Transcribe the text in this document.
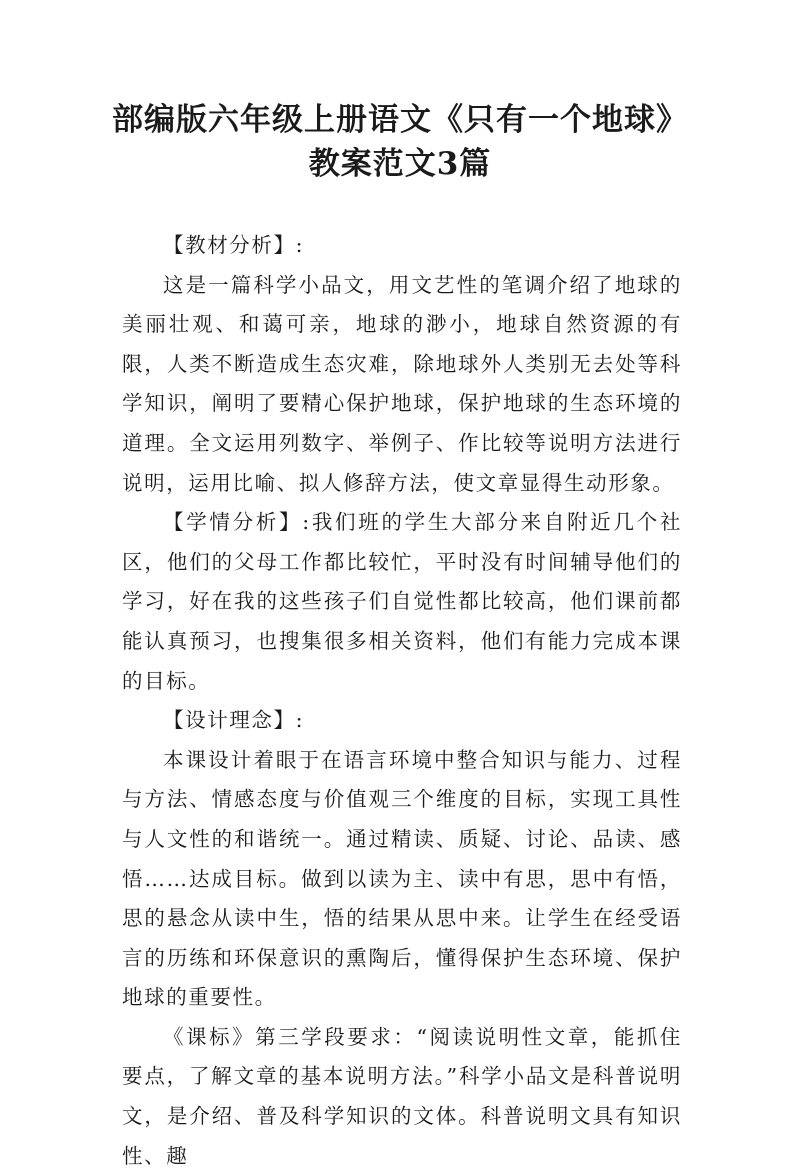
部编版六年级上册语文《只有一个地球》教案范文3篇

【教材分析】:

这是一篇科学小品文，用文艺性的笔调介绍了地球的美丽壮观、和蔼可亲，地球的渺小，地球自然资源的有限，人类不断造成生态灾难，除地球外人类别无去处等科学知识，阐明了要精心保护地球，保护地球的生态环境的道理。全文运用列数字、举例子、作比较等说明方法进行说明，运用比喻、拟人修辞方法，使文章显得生动形象。

【学情分析】:我们班的学生大部分来自附近几个社区，他们的父母工作都比较忙，平时没有时间辅导他们的学习，好在我的这些孩子们自觉性都比较高，他们课前都能认真预习，也搜集很多相关资料，他们有能力完成本课的目标。

【设计理念】:

本课设计着眼于在语言环境中整合知识与能力、过程与方法、情感态度与价值观三个维度的目标，实现工具性与人文性的和谐统一。通过精读、质疑、讨论、品读、感悟……达成目标。做到以读为主、读中有思，思中有悟，思的悬念从读中生，悟的结果从思中来。让学生在经受语言的历练和环保意识的熏陶后，懂得保护生态环境、保护地球的重要性。

《课标》第三学段要求：“阅读说明性文章，能抓住要点，了解文章的基本说明方法。”科学小品文是科普说明文，是介绍、普及科学知识的文体。科普说明文具有知识性、趣
